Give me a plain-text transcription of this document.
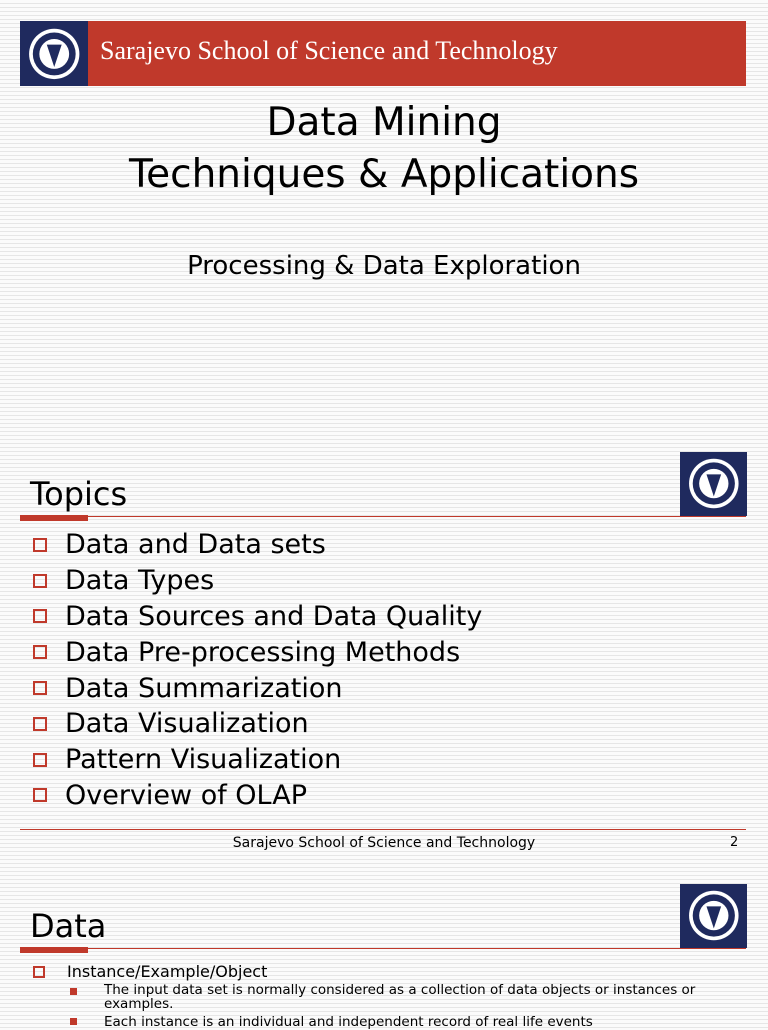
Sarajevo School of Science and Technology
Data Mining
Techniques & Applications
Processing & Data Exploration
Topics
Data and Data sets
Data Types
Data Sources and Data Quality
Data Pre-processing Methods
Data Summarization
Data Visualization
Pattern Visualization
Overview of OLAP
Sarajevo School of Science and Technology	2
Data
Instance/Example/Object
The input data set is normally considered as a collection of data objects or instances or examples.
Each instance is an individual and independent record of real life events
